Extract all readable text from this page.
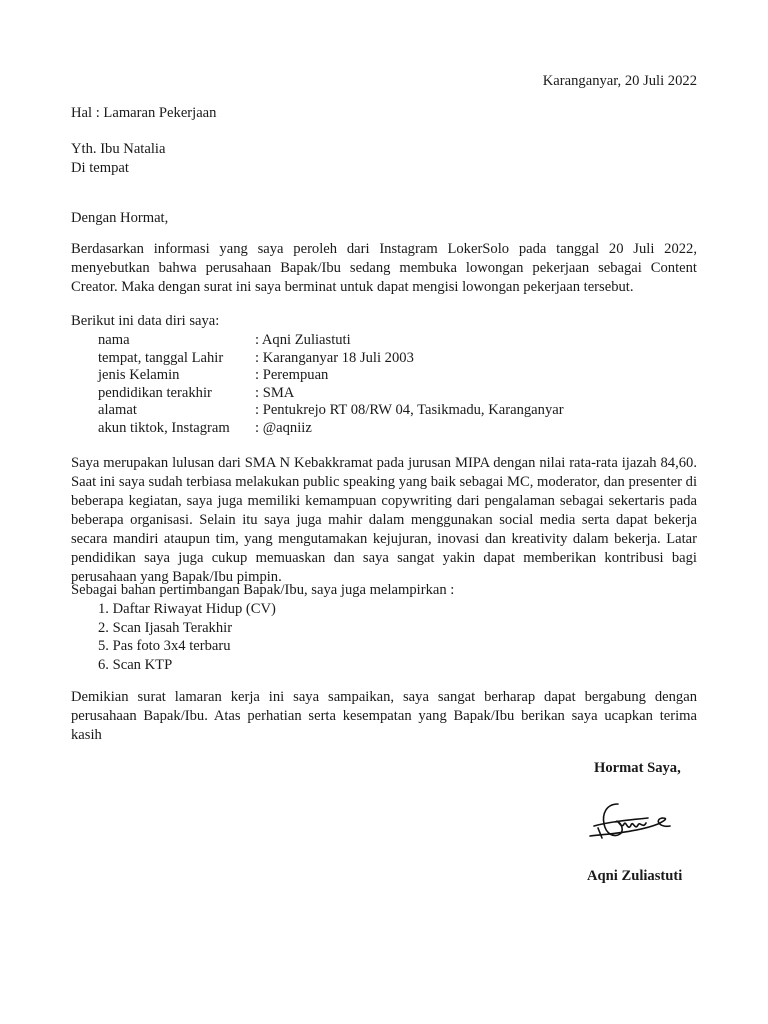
Karanganyar, 20 Juli 2022
Hal : Lamaran Pekerjaan
Yth. Ibu Natalia
Di tempat
Dengan Hormat,
Berdasarkan informasi yang saya peroleh dari Instagram LokerSolo pada tanggal 20 Juli 2022, menyebutkan bahwa perusahaan Bapak/Ibu sedang membuka lowongan pekerjaan sebagai Content Creator. Maka dengan surat ini saya berminat untuk dapat mengisi lowongan pekerjaan tersebut.
Berikut ini data diri saya:
nama	: Aqni Zuliastuti
tempat, tanggal Lahir	: Karanganyar 18 Juli 2003
jenis Kelamin	: Perempuan
pendidikan terakhir	: SMA
alamat	: Pentukrejo RT 08/RW 04, Tasikmadu, Karanganyar
akun tiktok, Instagram	: @aqniiz
Saya merupakan lulusan dari SMA N Kebakkramat pada jurusan MIPA dengan nilai rata-rata ijazah 84,60. Saat ini saya sudah terbiasa melakukan public speaking yang baik sebagai MC, moderator, dan presenter di beberapa kegiatan, saya juga memiliki kemampuan copywriting dari pengalaman sebagai sekertaris pada beberapa organisasi. Selain itu saya juga mahir dalam menggunakan social media serta dapat bekerja secara mandiri ataupun tim, yang mengutamakan kejujuran, inovasi dan kreativity dalam bekerja. Latar pendidikan saya juga cukup memuaskan dan saya sangat yakin dapat memberikan kontribusi bagi perusahaan yang Bapak/Ibu pimpin.
Sebagai bahan pertimbangan Bapak/Ibu, saya juga melampirkan :
1. Daftar Riwayat Hidup (CV)
2. Scan Ijasah Terakhir
5. Pas foto 3x4 terbaru
6. Scan KTP
Demikian surat lamaran kerja ini saya sampaikan, saya sangat berharap dapat bergabung dengan perusahaan Bapak/Ibu. Atas perhatian serta kesempatan yang Bapak/Ibu berikan saya ucapkan terima kasih
Hormat Saya,
Aqni Zuliastuti
